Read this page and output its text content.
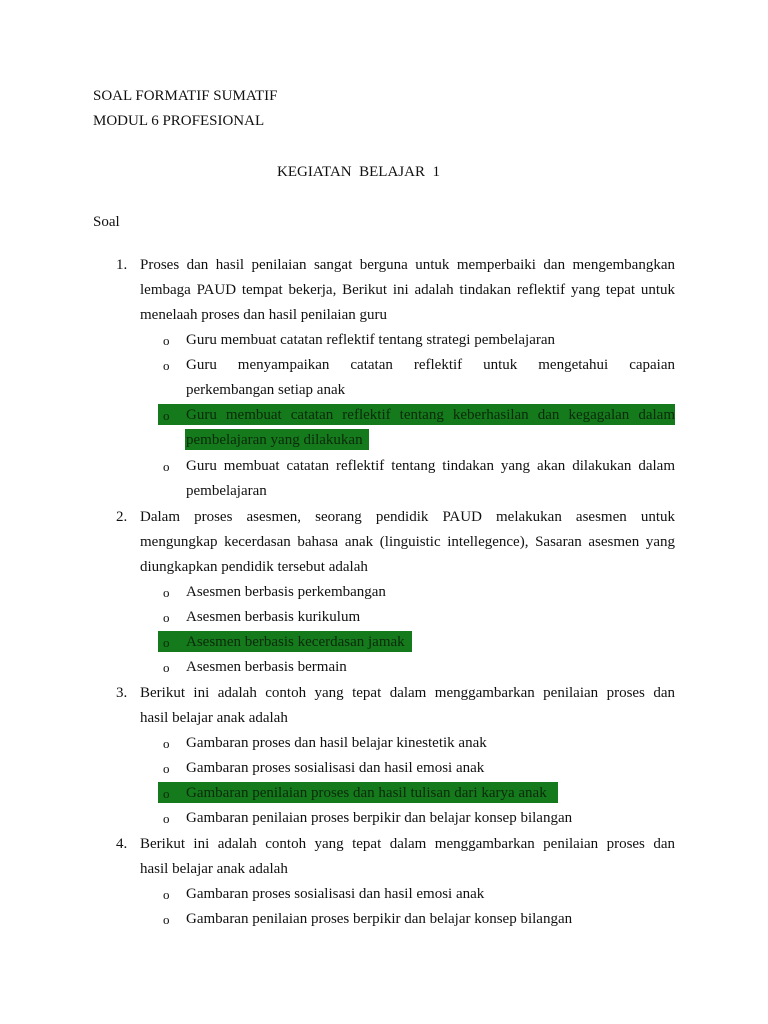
SOAL FORMATIF SUMATIF
MODUL 6 PROFESIONAL
KEGIATAN  BELAJAR  1
Soal
1. Proses dan hasil penilaian sangat berguna untuk memperbaiki dan mengembangkan
lembaga PAUD tempat bekerja, Berikut ini adalah tindakan reflektif yang tepat untuk
menelaah proses dan hasil penilaian guru
o Guru membuat catatan reflektif tentang strategi pembelajaran
o Guru menyampaikan catatan reflektif untuk mengetahui capaian
perkembangan setiap anak
o Guru membuat catatan reflektif tentang keberhasilan dan kegagalan dalam
pembelajaran yang dilakukan
o Guru membuat catatan reflektif tentang tindakan yang akan dilakukan dalam
pembelajaran
2. Dalam proses asesmen, seorang pendidik PAUD melakukan asesmen untuk
mengungkap kecerdasan bahasa anak (linguistic intellegence), Sasaran asesmen yang
diungkapkan pendidik tersebut adalah
o Asesmen berbasis perkembangan
o Asesmen berbasis kurikulum
o Asesmen berbasis kecerdasan jamak
o Asesmen berbasis bermain
3. Berikut ini adalah contoh yang tepat dalam menggambarkan penilaian proses dan
hasil belajar anak adalah
o Gambaran proses dan hasil belajar kinestetik anak
o Gambaran proses sosialisasi dan hasil emosi anak
o Gambaran penilaian proses dan hasil tulisan dari karya anak
o Gambaran penilaian proses berpikir dan belajar konsep bilangan
4. Berikut ini adalah contoh yang tepat dalam menggambarkan penilaian proses dan
hasil belajar anak adalah
o Gambaran proses sosialisasi dan hasil emosi anak
o Gambaran penilaian proses berpikir dan belajar konsep bilangan
